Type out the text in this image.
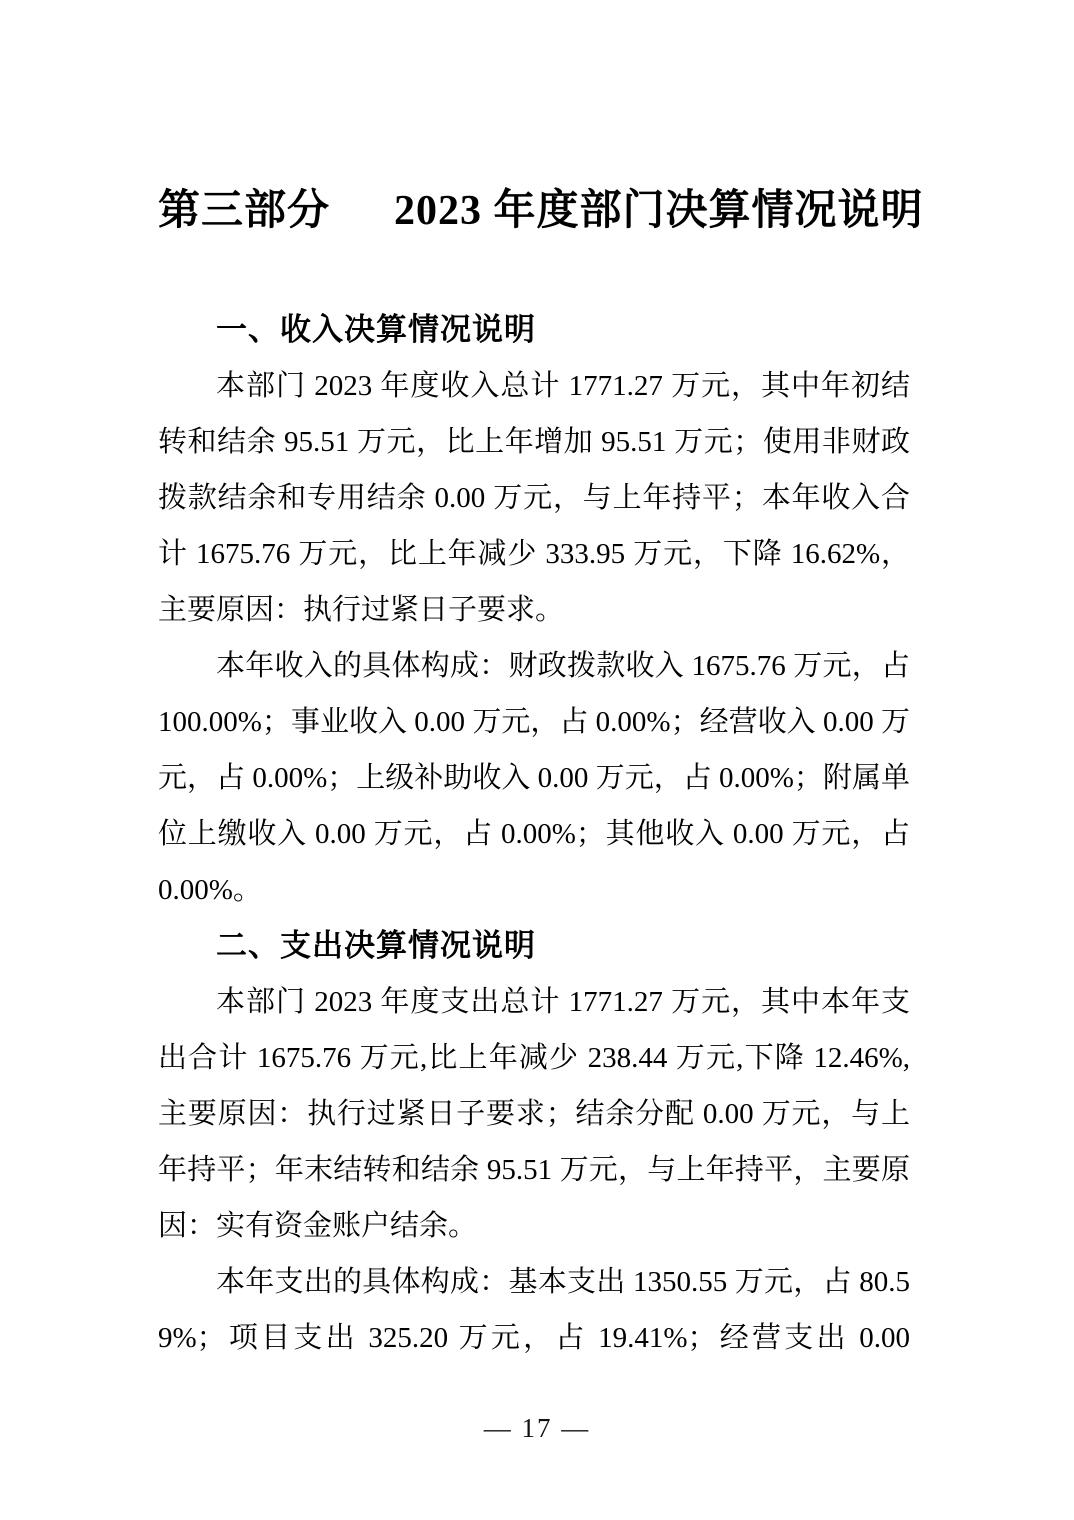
第三部分 2023 年度部门决算情况说明
一、收入决算情况说明

本部门 2023 年度收入总计 1771.27 万元，其中年初结转和结余 95.51 万元，比上年增加 95.51 万元；使用非财政拨款结余和专用结余 0.00 万元，与上年持平；本年收入合计 1675.76 万元，比上年减少 333.95 万元，下降 16.62%，主要原因：执行过紧日子要求。

本年收入的具体构成：财政拨款收入 1675.76 万元，占 100.00%；事业收入 0.00 万元，占 0.00%；经营收入 0.00 万元，占 0.00%；上级补助收入 0.00 万元，占 0.00%；附属单位上缴收入 0.00 万元，占 0.00%；其他收入 0.00 万元，占 0.00%。

二、支出决算情况说明

本部门 2023 年度支出总计 1771.27 万元，其中本年支出合计 1675.76 万元,比上年减少 238.44 万元,下降 12.46%,主要原因：执行过紧日子要求；结余分配 0.00 万元，与上年持平；年末结转和结余 95.51 万元，与上年持平，主要原因：实有资金账户结余。

本年支出的具体构成：基本支出 1350.55 万元，占 80.59%；项目支出 325.20 万元，占 19.41%；经营支出 0.00

— 17 —
